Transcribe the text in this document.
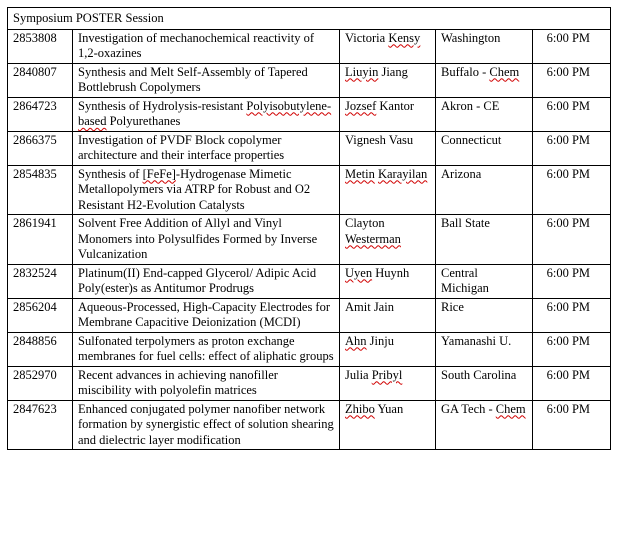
Symposium POSTER Session				
2853808	Investigation of mechanochemical reactivity of 1,2-oxazines	Victoria Kensy	Washington	6:00 PM
2840807	Synthesis and Melt Self-Assembly of Tapered Bottlebrush Copolymers	Liuyin Jiang	Buffalo - Chem	6:00 PM
2864723	Synthesis of Hydrolysis-resistant Polyisobutylene-based Polyurethanes	Jozsef Kantor	Akron - CE	6:00 PM
2866375	Investigation of PVDF Block copolymer architecture and their interface properties	Vignesh Vasu	Connecticut	6:00 PM
2854835	Synthesis of [FeFe]-Hydrogenase Mimetic Metallopolymers via ATRP for Robust and O2 Resistant H2-Evolution Catalysts	Metin Karayilan	Arizona	6:00 PM
2861941	Solvent Free Addition of Allyl and Vinyl Monomers into Polysulfides Formed by Inverse Vulcanization	Clayton Westerman	Ball State	6:00 PM
2832524	Platinum(II) End-capped Glycerol/ Adipic Acid Poly(ester)s as Antitumor Prodrugs	Uyen Huynh	Central Michigan	6:00 PM
2856204	Aqueous-Processed, High-Capacity Electrodes for Membrane Capacitive Deionization (MCDI)	Amit Jain	Rice	6:00 PM
2848856	Sulfonated terpolymers as proton exchange membranes for fuel cells: effect of aliphatic groups	Ahn Jinju	Yamanashi U.	6:00 PM
2852970	Recent advances in achieving nanofiller miscibility with polyolefin matrices	Julia Pribyl	South Carolina	6:00 PM
2847623	Enhanced conjugated polymer nanofiber network formation by synergistic effect of solution shearing and dielectric layer modification	Zhibo Yuan	GA Tech - Chem	6:00 PM
